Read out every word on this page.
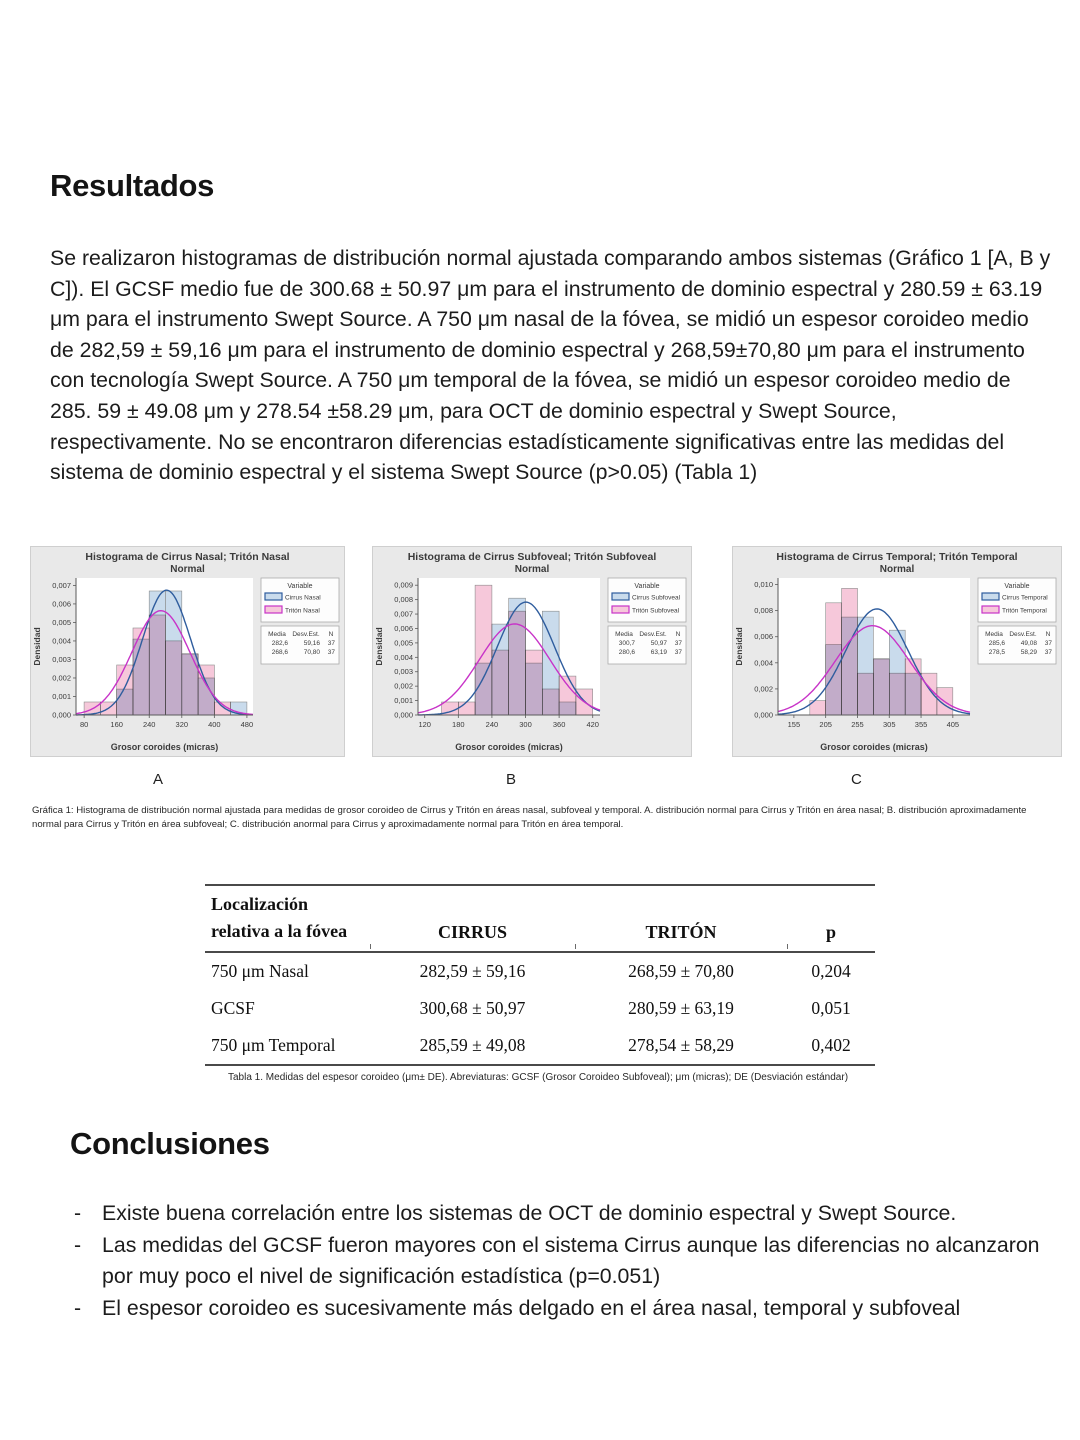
Resultados
Se realizaron histogramas de distribución normal ajustada comparando ambos sistemas (Gráfico 1 [A, B y C]). El GCSF medio fue de 300.68 ± 50.97 μm para el instrumento de dominio espectral y 280.59 ± 63.19 μm para el instrumento Swept Source. A 750 μm nasal de la fóvea, se midió un espesor coroideo medio de 282,59 ± 59,16 μm para el instrumento de dominio espectral y 268,59±70,80 μm para el instrumento con tecnología Swept Source. A 750 μm temporal de la fóvea, se midió un espesor coroideo medio de 285. 59 ± 49.08 μm y 278.54 ±58.29 μm, para OCT de dominio espectral y Swept Source, respectivamente. No se encontraron diferencias estadísticamente significativas entre las medidas del sistema de dominio espectral y el sistema Swept Source (p>0.05) (Tabla 1)
Histograma de Cirrus Nasal; Tritón Nasal
Normal
0,000
0,001
0,002
0,003
0,004
0,005
0,006
0,007
80	160	240	320	400	480
Densidad
Grosor coroides (micras)
Variable
Cirrus Nasal
Tritón Nasal
Media Desv.Est. N
282,6 59,16 37
268,6 70,80 37
Histograma de Cirrus Subfoveal; Tritón Subfoveal
Normal
0,000
0,001
0,002
0,003
0,004
0,005
0,006
0,007
0,008
0,009
120	180	240	300	360	420
Densidad
Grosor coroides (micras)
Variable
Cirrus Subfoveal
Tritón Subfoveal
Media Desv.Est. N
300,7 50,97 37
280,6 63,19 37
Histograma de Cirrus Temporal; Tritón Temporal
Normal
0,000
0,002
0,004
0,006
0,008
0,010
155	205	255	305	355	405
Densidad
Grosor coroides (micras)
Variable
Cirrus Temporal
Tritón Temporal
Media Desv.Est. N
285,6 49,08 37
278,5 58,29 37
A	B	C
Gráfica 1: Histograma de distribución normal ajustada para medidas de grosor coroideo de Cirrus y Tritón en áreas nasal, subfoveal y temporal. A. distribución normal para Cirrus y Tritón en área nasal; B. distribución aproximadamente normal para Cirrus y Tritón en área subfoveal; C. distribución anormal para Cirrus y aproximadamente normal para Tritón en área temporal.
Localización
relativa a la fóvea	CIRRUS	TRITÓN	p
750 μm Nasal	282,59 ± 59,16	268,59 ± 70,80	0,204
GCSF	300,68 ± 50,97	280,59 ± 63,19	0,051
750 μm Temporal	285,59 ± 49,08	278,54 ± 58,29	0,402
Tabla 1. Medidas del espesor coroideo (μm± DE). Abreviaturas: GCSF (Grosor Coroideo Subfoveal); μm (micras); DE (Desviación estándar)
Conclusiones
- Existe buena correlación entre los sistemas de OCT de dominio espectral y Swept Source.
- Las medidas del GCSF fueron mayores con el sistema Cirrus aunque las diferencias no alcanzaron por muy poco el nivel de significación estadística (p=0.051)
- El espesor coroideo es sucesivamente más delgado en el área nasal, temporal y subfoveal
